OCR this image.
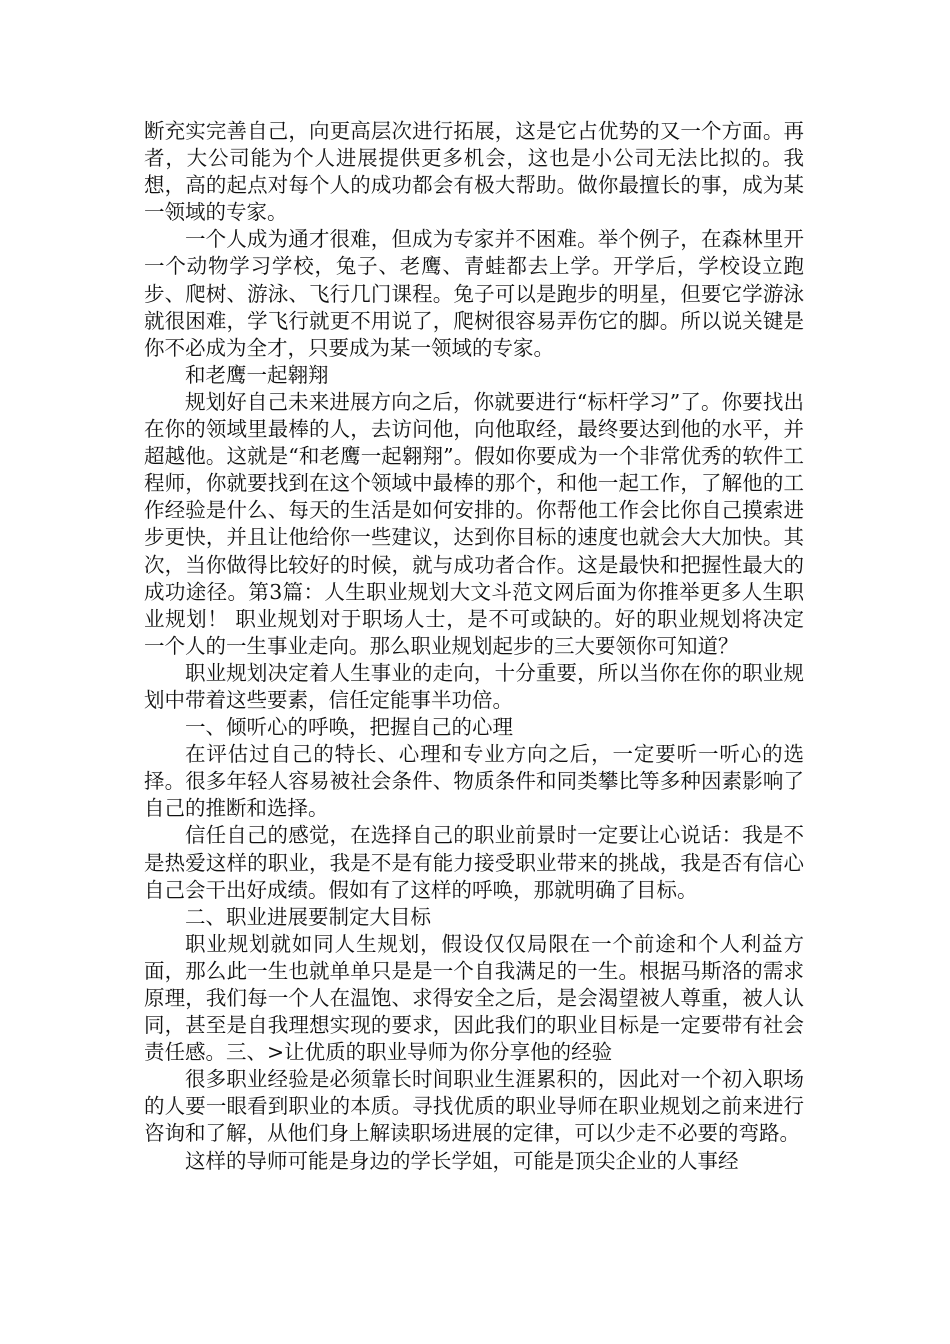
断充实完善自己，向更高层次进行拓展，这是它占优势的又一个方面。再者，大公司能为个人进展提供更多机会，这也是小公司无法比拟的。我想，高的起点对每个人的成功都会有极大帮助。做你最擅长的事，成为某一领域的专家。

一个人成为通才很难，但成为专家并不困难。举个例子，在森林里开一个动物学习学校，兔子、老鹰、青蛙都去上学。开学后，学校设立跑步、爬树、游泳、飞行几门课程。兔子可以是跑步的明星，但要它学游泳就很困难，学飞行就更不用说了，爬树很容易弄伤它的脚。所以说关键是你不必成为全才，只要成为某一领域的专家。

和老鹰一起翱翔

规划好自己未来进展方向之后，你就要进行“标杆学习”了。你要找出在你的领域里最棒的人，去访问他，向他取经，最终要达到他的水平，并超越他。这就是“和老鹰一起翱翔”。假如你要成为一个非常优秀的软件工程师，你就要找到在这个领域中最棒的那个，和他一起工作，了解他的工作经验是什么、每天的生活是如何安排的。你帮他工作会比你自己摸索进步更快，并且让他给你一些建议，达到你目标的速度也就会大大加快。其次，当你做得比较好的时候，就与成功者合作。这是最快和把握性最大的成功途径。第3篇：人生职业规划大文斗范文网后面为你推举更多人生职业规划！ 职业规划对于职场人士，是不可或缺的。好的职业规划将决定一个人的一生事业走向。那么职业规划起步的三大要领你可知道？

职业规划决定着人生事业的走向，十分重要，所以当你在你的职业规划中带着这些要素，信任定能事半功倍。

一、倾听心的呼唤，把握自己的心理

在评估过自己的特长、心理和专业方向之后，一定要听一听心的选择。很多年轻人容易被社会条件、物质条件和同类攀比等多种因素影响了自己的推断和选择。

信任自己的感觉，在选择自己的职业前景时一定要让心说话：我是不是热爱这样的职业，我是不是有能力接受职业带来的挑战，我是否有信心自己会干出好成绩。假如有了这样的呼唤，那就明确了目标。

二、职业进展要制定大目标

职业规划就如同人生规划，假设仅仅局限在一个前途和个人利益方面，那么此一生也就单单只是是一个自我满足的一生。根据马斯洛的需求原理，我们每一个人在温饱、求得安全之后，是会渴望被人尊重，被人认同，甚至是自我理想实现的要求，因此我们的职业目标是一定要带有社会责任感。三、>让优质的职业导师为你分享他的经验

很多职业经验是必须靠长时间职业生涯累积的，因此对一个初入职场的人要一眼看到职业的本质。寻找优质的职业导师在职业规划之前来进行咨询和了解，从他们身上解读职场进展的定律，可以少走不必要的弯路。

这样的导师可能是身边的学长学姐，可能是顶尖企业的人事经
